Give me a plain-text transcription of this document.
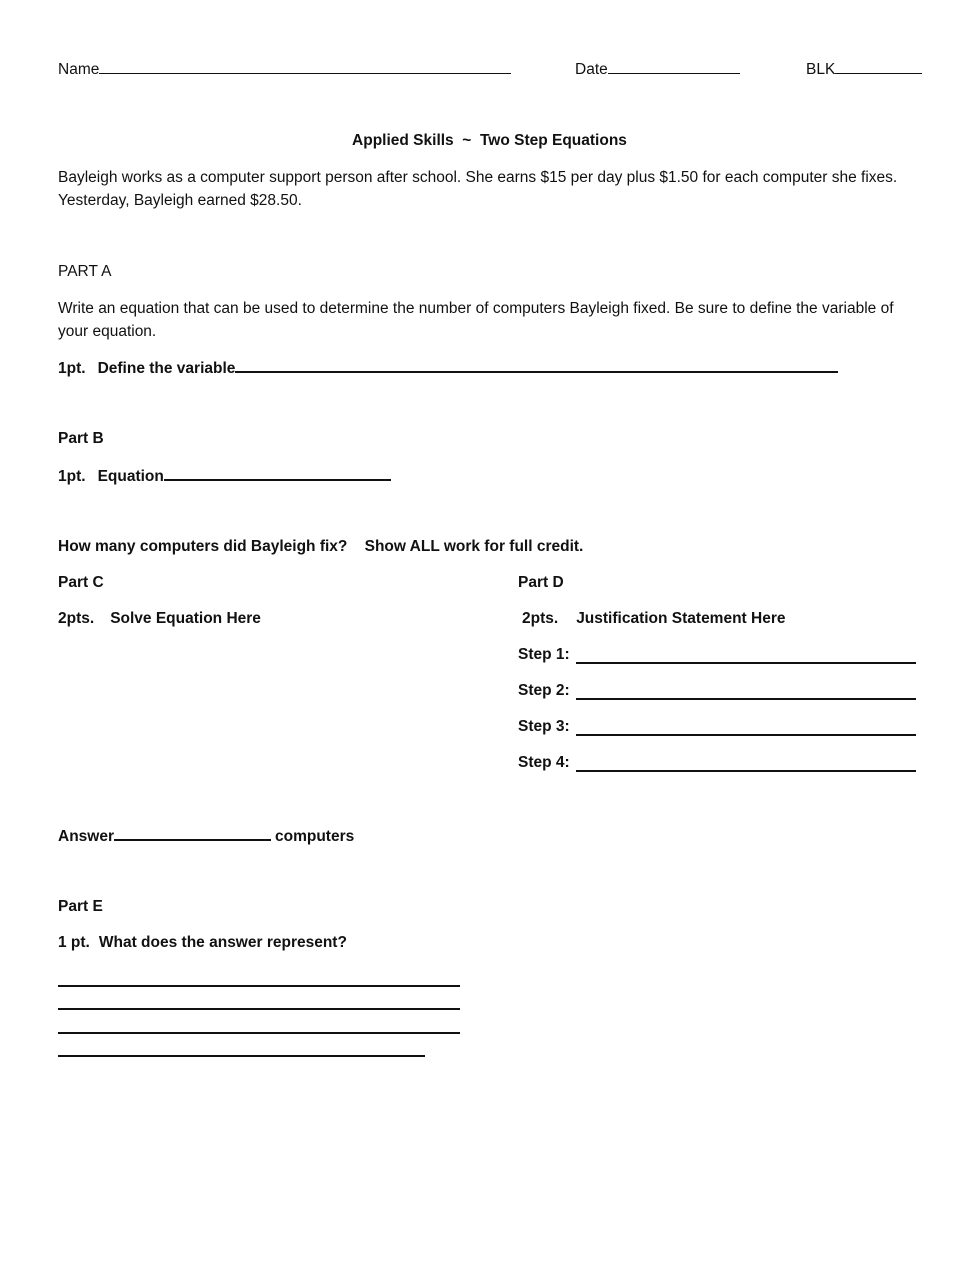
Name	Date	BLK
Applied Skills  ~  Two Step Equations
Bayleigh works as a computer support person after school. She earns $15 per day plus $1.50 for each computer she fixes. Yesterday, Bayleigh earned $28.50.
PART A
Write an equation that can be used to determine the number of computers Bayleigh fixed. Be sure to define the variable of your equation.
1pt. Define the variable
Part B
1pt. Equation
How many computers did Bayleigh fix?    Show ALL work for full credit.
Part C
2pts. Solve Equation Here
Part D
2pts. Justification Statement Here
Step 1:
Step 2:
Step 3:
Step 4:
Answer	computers
Part E
1 pt. What does the answer represent?
